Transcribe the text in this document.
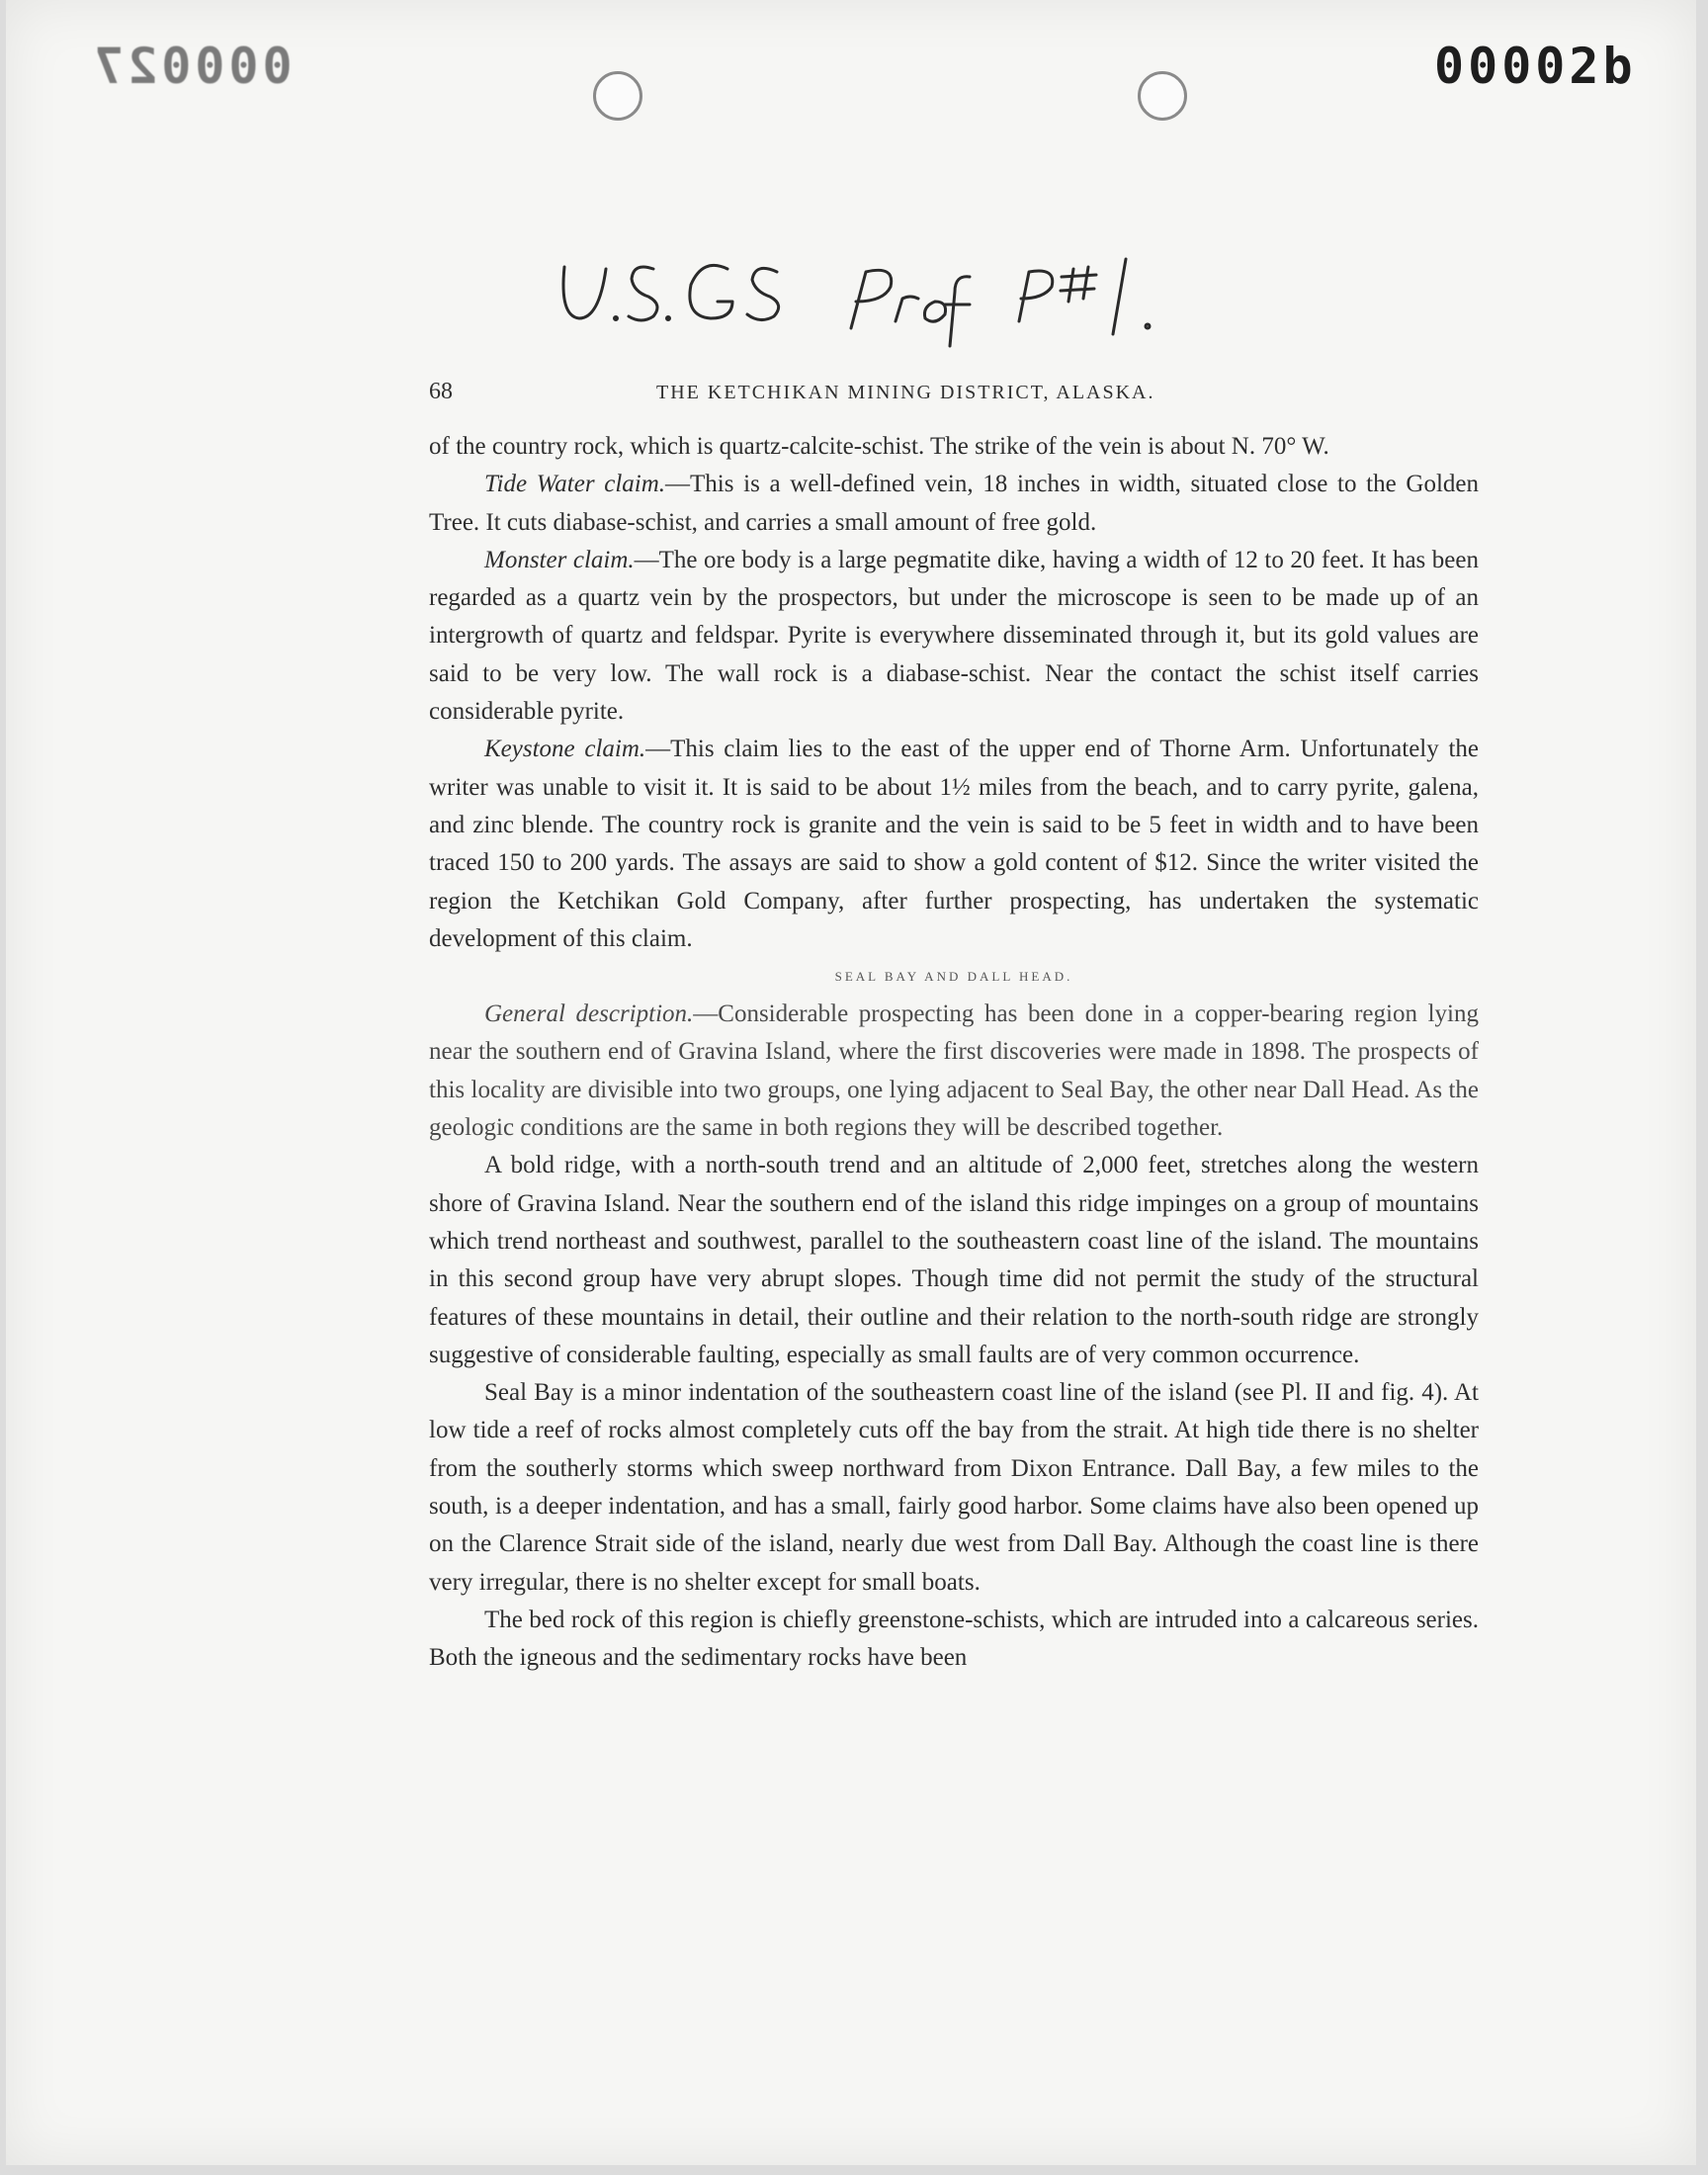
000027	00002b
68	THE KETCHIKAN MINING DISTRICT, ALASKA.

of the country rock, which is quartz-calcite-schist. The strike of the vein is about N. 70° W.

Tide Water claim.—This is a well-defined vein, 18 inches in width, situated close to the Golden Tree. It cuts diabase-schist, and carries a small amount of free gold.

Monster claim.—The ore body is a large pegmatite dike, having a width of 12 to 20 feet. It has been regarded as a quartz vein by the prospectors, but under the microscope is seen to be made up of an intergrowth of quartz and feldspar. Pyrite is everywhere disseminated through it, but its gold values are said to be very low. The wall rock is a diabase-schist. Near the contact the schist itself carries considerable pyrite.

Keystone claim.—This claim lies to the east of the upper end of Thorne Arm. Unfortunately the writer was unable to visit it. It is said to be about 1½ miles from the beach, and to carry pyrite, galena, and zinc blende. The country rock is granite and the vein is said to be 5 feet in width and to have been traced 150 to 200 yards. The assays are said to show a gold content of $12. Since the writer visited the region the Ketchikan Gold Company, after further prospecting, has undertaken the systematic development of this claim.

SEAL BAY AND DALL HEAD.

General description.—Considerable prospecting has been done in a copper-bearing region lying near the southern end of Gravina Island, where the first discoveries were made in 1898. The prospects of this locality are divisible into two groups, one lying adjacent to Seal Bay, the other near Dall Head. As the geologic conditions are the same in both regions they will be described together.

A bold ridge, with a north-south trend and an altitude of 2,000 feet, stretches along the western shore of Gravina Island. Near the southern end of the island this ridge impinges on a group of mountains which trend northeast and southwest, parallel to the southeastern coast line of the island. The mountains in this second group have very abrupt slopes. Though time did not permit the study of the structural features of these mountains in detail, their outline and their relation to the north-south ridge are strongly suggestive of considerable faulting, especially as small faults are of very common occurrence.

Seal Bay is a minor indentation of the southeastern coast line of the island (see Pl. II and fig. 4). At low tide a reef of rocks almost completely cuts off the bay from the strait. At high tide there is no shelter from the southerly storms which sweep northward from Dixon Entrance. Dall Bay, a few miles to the south, is a deeper indentation, and has a small, fairly good harbor. Some claims have also been opened up on the Clarence Strait side of the island, nearly due west from Dall Bay. Although the coast line is there very irregular, there is no shelter except for small boats.

The bed rock of this region is chiefly greenstone-schists, which are intruded into a calcareous series. Both the igneous and the sedimentary rocks have been
